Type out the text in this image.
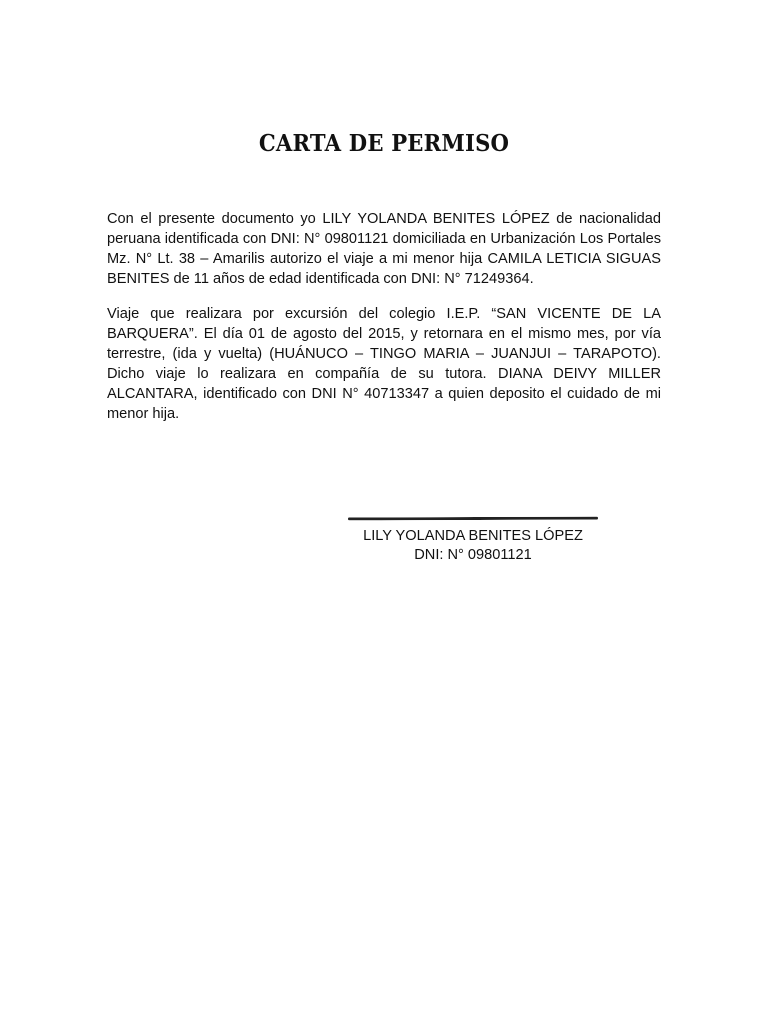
CARTA DE PERMISO

Con el presente documento yo LILY YOLANDA BENITES LÓPEZ de nacionalidad peruana identificada con DNI: N° 09801121 domiciliada en Urbanización Los Portales Mz. N° Lt. 38 – Amarilis autorizo el viaje a mi menor hija CAMILA LETICIA SIGUAS BENITES de 11 años de edad identificada con DNI: N° 71249364.

Viaje que realizara por excursión del colegio I.E.P. “SAN VICENTE DE LA BARQUERA”. El día 01 de agosto del 2015, y retornara en el mismo mes, por vía terrestre, (ida y vuelta) (HUÁNUCO – TINGO MARIA – JUANJUI – TARAPOTO). Dicho viaje lo realizara en compañía de su tutora. DIANA DEIVY MILLER ALCANTARA, identificado con DNI N° 40713347 a quien deposito el cuidado de mi menor hija.

LILY YOLANDA BENITES LÓPEZ
DNI: N° 09801121
